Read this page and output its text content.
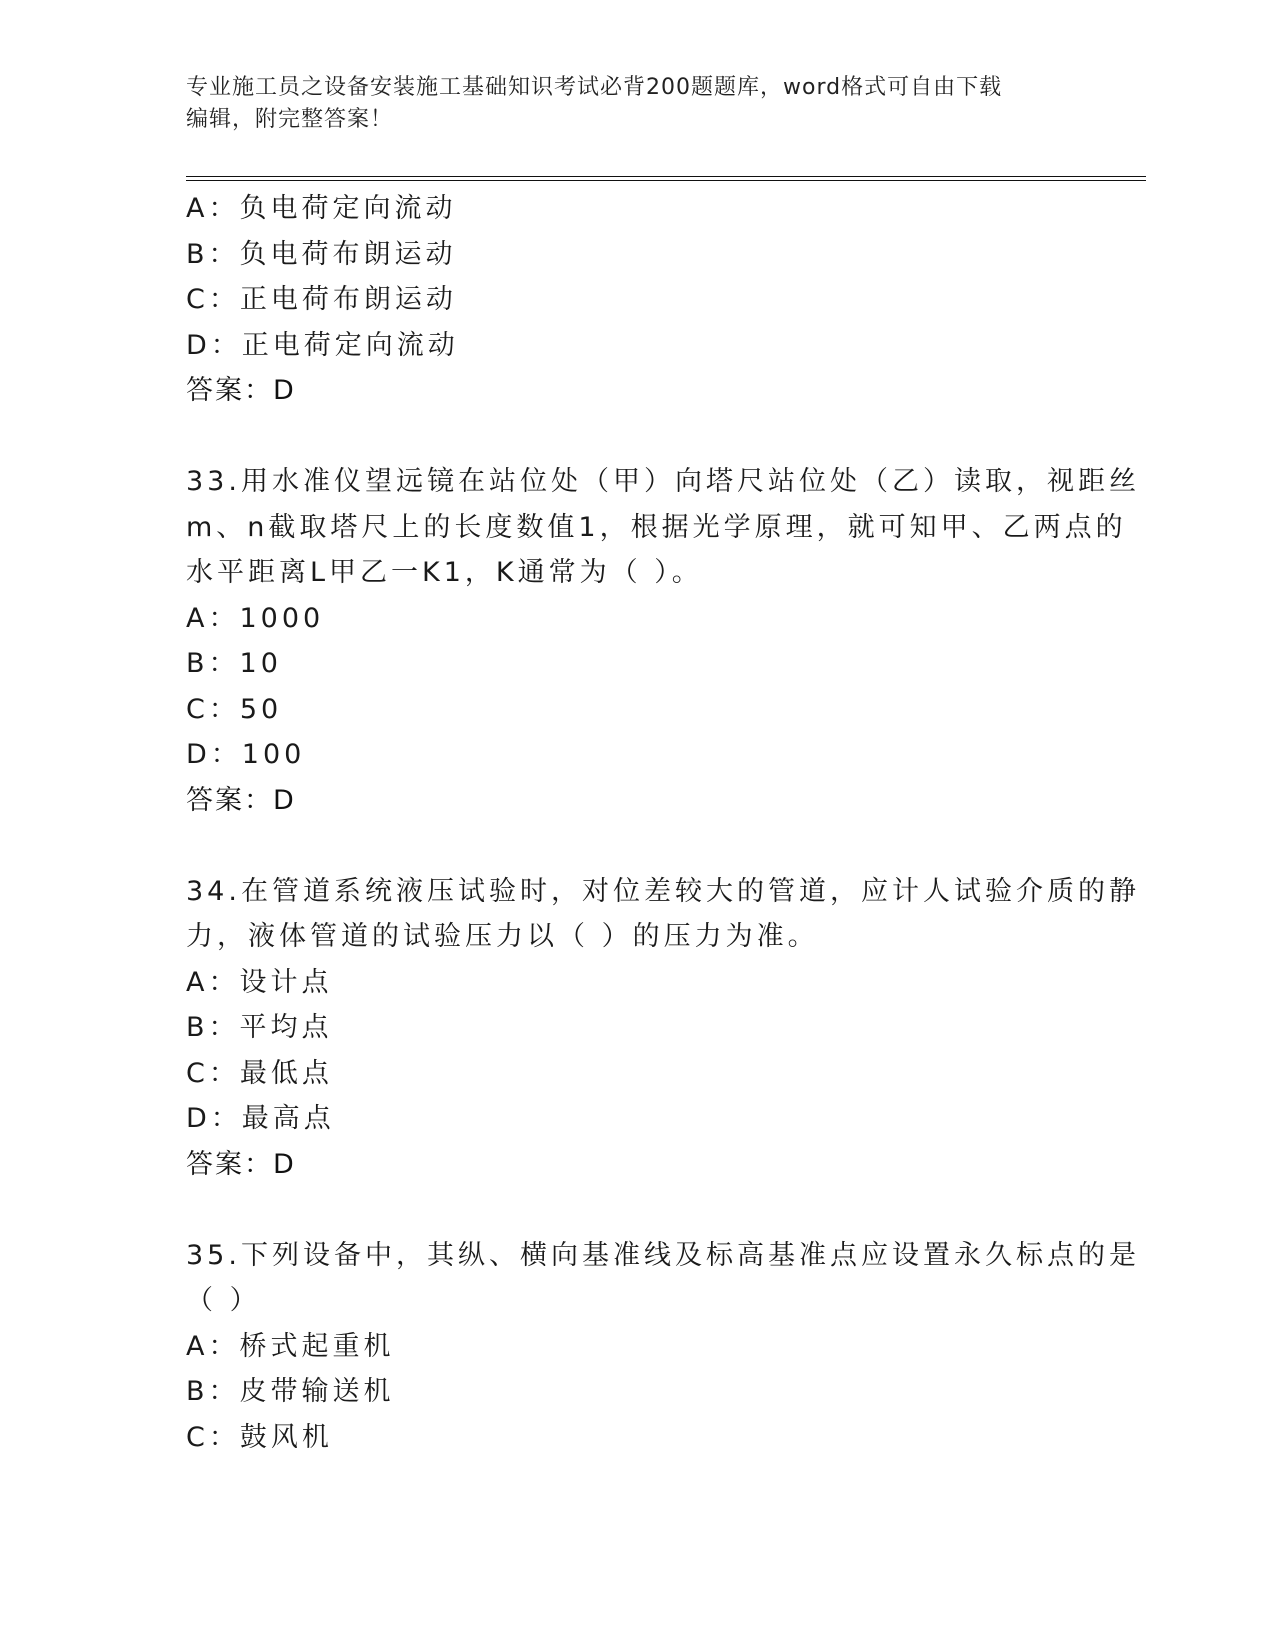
专业施工员之设备安装施工基础知识考试必背200题题库，word格式可自由下载
编辑，附完整答案！
A：负电荷定向流动
B：负电荷布朗运动
C：正电荷布朗运动
D：正电荷定向流动
答案：D
33.用水准仪望远镜在站位处（甲）向塔尺站位处（乙）读取，视距丝
m、n截取塔尺上的长度数值1，根据光学原理，就可知甲、乙两点的
水平距离L甲乙一K1，K通常为（ ）。
A：1000
B：10
C：50
D：100
答案：D
34.在管道系统液压试验时，对位差较大的管道，应计人试验介质的静
力，液体管道的试验压力以（ ）的压力为准。
A：设计点
B：平均点
C：最低点
D：最高点
答案：D
35.下列设备中，其纵、横向基准线及标高基准点应设置永久标点的是
（ ）
A：桥式起重机
B：皮带输送机
C：鼓风机
